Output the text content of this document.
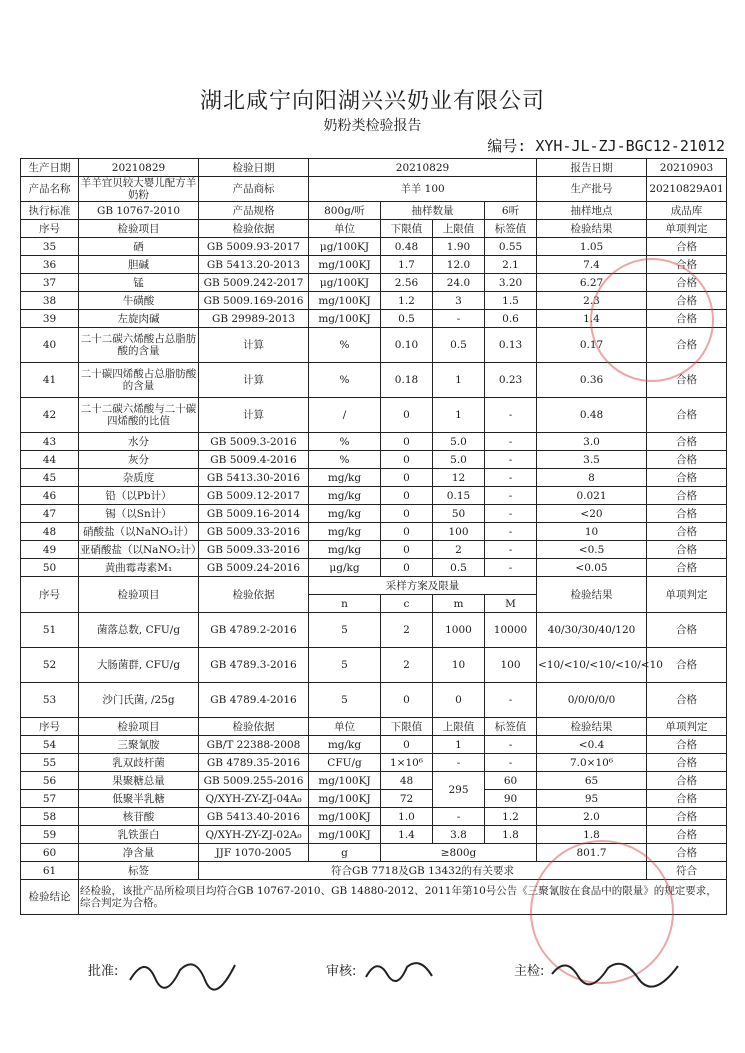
湖北咸宁向阳湖兴兴奶业有限公司
奶粉类检验报告
编号: XYH-JL-ZJ-BGC12-21012
生产日期	20210829	检验日期	20210829				报告日期	20210903
产品名称	羊羊宜贝较大婴儿配方羊奶粉	产品商标	羊羊 100				生产批号	20210829A01
执行标准	GB 10767-2010	产品规格	800g/听	抽样数量		6听	抽样地点	成品库
序号	检验项目	检验依据	单位	下限值	上限值	标签值	检验结果	单项判定
35	硒	GB 5009.93-2017	μg/100KJ	0.48	1.90	0.55	1.05	合格
36	胆碱	GB 5413.20-2013	mg/100KJ	1.7	12.0	2.1	7.4	合格
37	锰	GB 5009.242-2017	μg/100KJ	2.56	24.0	3.20	6.27	合格
38	牛磺酸	GB 5009.169-2016	mg/100KJ	1.2	3	1.5	2.3	合格
39	左旋肉碱	GB 29989-2013	mg/100KJ	0.5	-	0.6	1.4	合格
40	二十二碳六烯酸占总脂肪酸的含量	计算	%	0.10	0.5	0.13	0.17	合格
41	二十碳四烯酸占总脂肪酸的含量	计算	%	0.18	1	0.23	0.36	合格
42	二十二碳六烯酸与二十碳四烯酸的比值	计算	/	0	1	-	0.48	合格
43	水分	GB 5009.3-2016	%	0	5.0	-	3.0	合格
44	灰分	GB 5009.4-2016	%	0	5.0	-	3.5	合格
45	杂质度	GB 5413.30-2016	mg/kg	0	12	-	8	合格
46	铅（以Pb计）	GB 5009.12-2017	mg/kg	0	0.15	-	0.021	合格
47	锡（以Sn计）	GB 5009.16-2014	mg/kg	0	50	-	<20	合格
48	硝酸盐（以NaNO₃计）	GB 5009.33-2016	mg/kg	0	100	-	10	合格
49	亚硝酸盐（以NaNO₂计）	GB 5009.33-2016	mg/kg	0	2	-	<0.5	合格
50	黄曲霉毒素M₁	GB 5009.24-2016	μg/kg	0	0.5	-	<0.05	合格
序号	检验项目	检验依据	采样方案及限量				检验结果	单项判定
			n	c	m	M		
51	菌落总数, CFU/g	GB 4789.2-2016	5	2	1000	10000	40/30/30/40/120	合格
52	大肠菌群, CFU/g	GB 4789.3-2016	5	2	10	100	<10/<10/<10/<10/<10	合格
53	沙门氏菌, /25g	GB 4789.4-2016	5	0	0	-	0/0/0/0/0	合格
序号	检验项目	检验依据	单位	下限值	上限值	标签值	检验结果	单项判定
54	三聚氰胺	GB/T 22388-2008	mg/kg	0	1	-	<0.4	合格
55	乳双歧杆菌	GB 4789.35-2016	CFU/g	1×10⁶	-	-	7.0×10⁶	合格
56	果聚糖总量	GB 5009.255-2016	mg/100KJ	48	295	60	65	合格
57	低聚半乳糖	Q/XYH-ZY-ZJ-04A₀	mg/100KJ	72		90	95	合格
58	核苷酸	GB 5413.40-2016	mg/100KJ	1.0	-	1.2	2.0	合格
59	乳铁蛋白	Q/XYH-ZY-ZJ-02A₀	mg/100KJ	1.4	3.8	1.8	1.8	合格
60	净含量	JJF 1070-2005	g	≥800g			801.7	合格
61	标签	符合GB 7718及GB 13432的有关要求						符合
检验结论	经检验，该批产品所检项目均符合GB 10767-2010、GB 14880-2012、2011年第10号公告《三聚氰胺在食品中的限量》的规定要求，综合判定为合格。							
批准:	审核:	主检:
